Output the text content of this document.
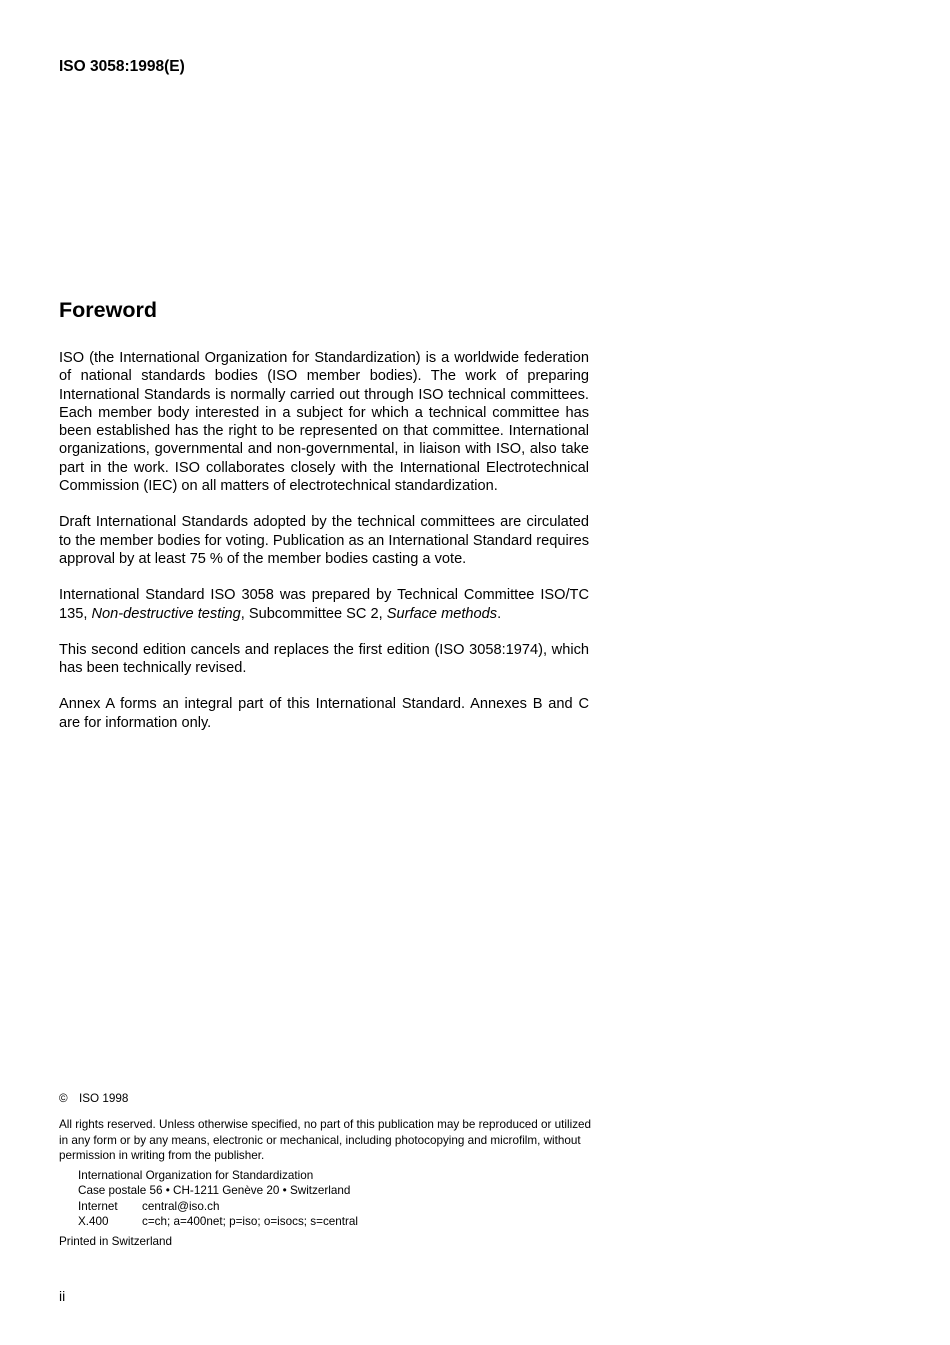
ISO 3058:1998(E)
Foreword

ISO (the International Organization for Standardization) is a worldwide federation of national standards bodies (ISO member bodies). The work of preparing International Standards is normally carried out through ISO technical committees. Each member body interested in a subject for which a technical committee has been established has the right to be represented on that committee. International organizations, governmental and non-governmental, in liaison with ISO, also take part in the work. ISO collaborates closely with the International Electrotechnical Commission (IEC) on all matters of electrotechnical standardization.

Draft International Standards adopted by the technical committees are circulated to the member bodies for voting. Publication as an International Standard requires approval by at least 75 % of the member bodies casting a vote.

International Standard ISO 3058 was prepared by Technical Committee ISO/TC 135, Non-destructive testing, Subcommittee SC 2, Surface methods.

This second edition cancels and replaces the first edition (ISO 3058:1974), which has been technically revised.

Annex A forms an integral part of this International Standard. Annexes B and C are for information only.

© ISO 1998
All rights reserved. Unless otherwise specified, no part of this publication may be reproduced or utilized in any form or by any means, electronic or mechanical, including photocopying and microfilm, without permission in writing from the publisher.
International Organization for Standardization
Case postale 56 • CH-1211 Genève 20 • Switzerland
Internet	central@iso.ch
X.400	c=ch; a=400net; p=iso; o=isocs; s=central
Printed in Switzerland
ii
